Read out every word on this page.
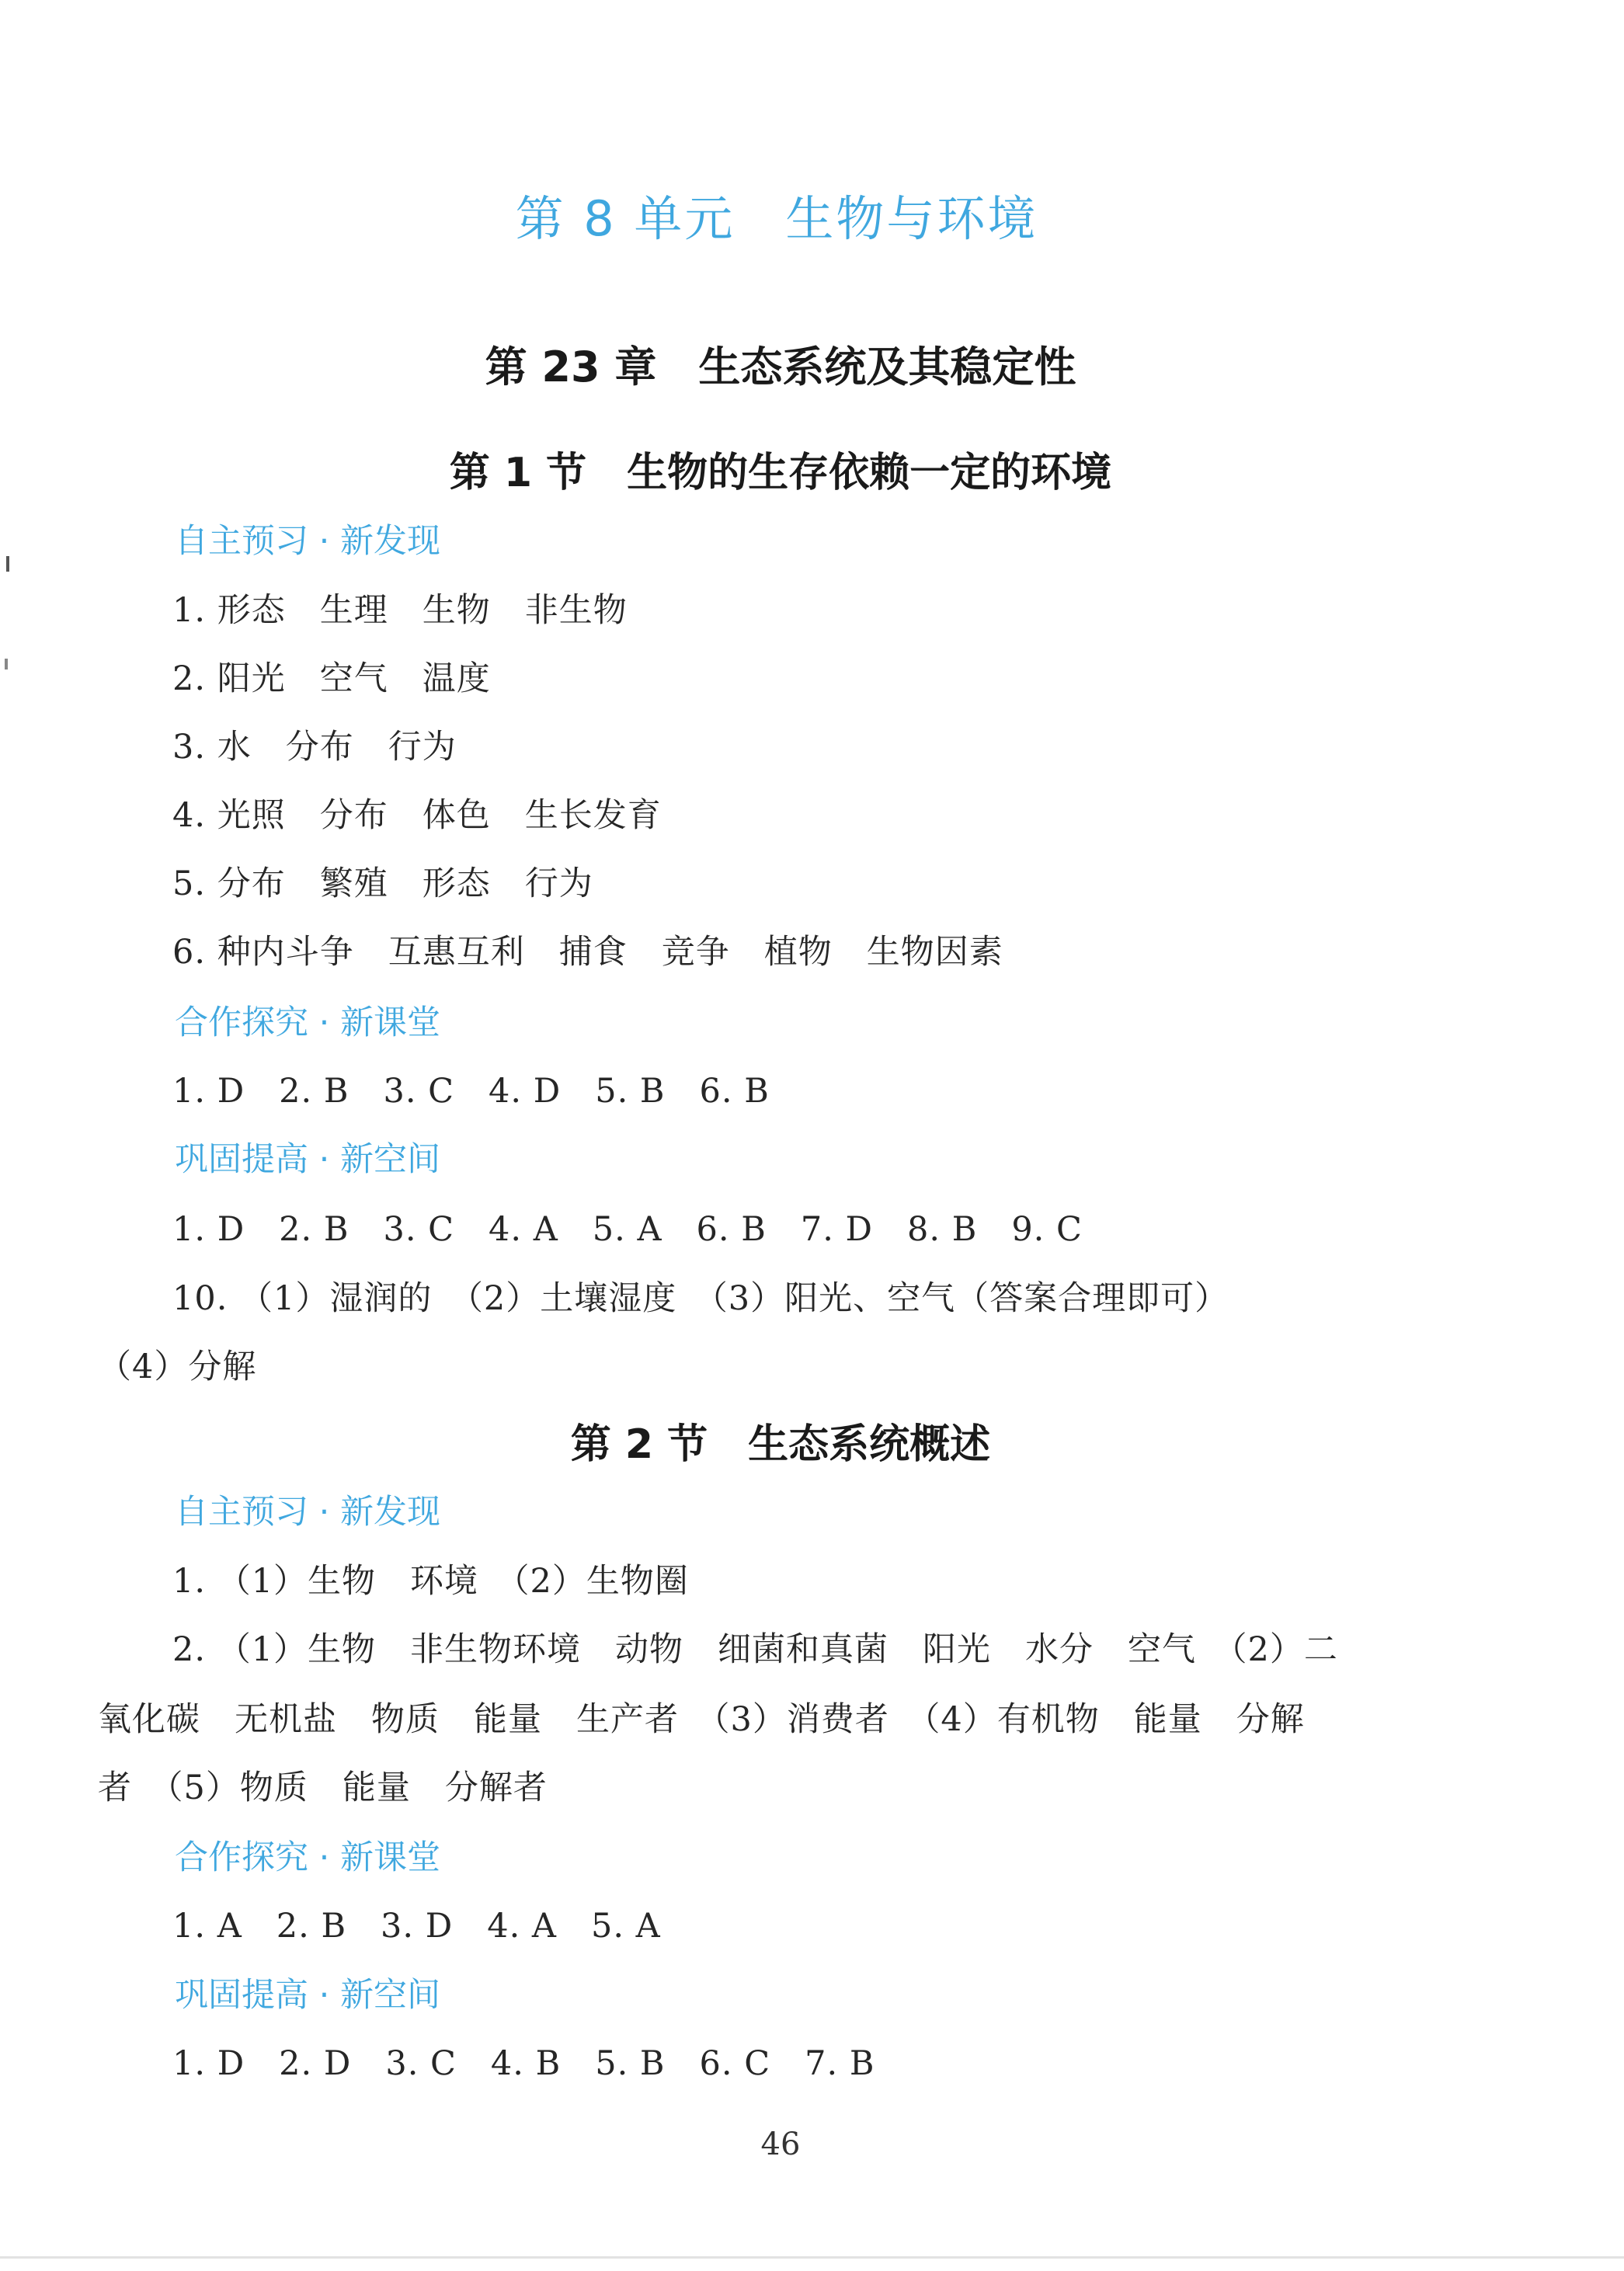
第 8 单元　生物与环境
第 23 章　生态系统及其稳定性
第 1 节　生物的生存依赖一定的环境
自主预习 · 新发现
1. 形态　生理　生物　非生物
2. 阳光　空气　温度
3. 水　分布　行为
4. 光照　分布　体色　生长发育
5. 分布　繁殖　形态　行为
6. 种内斗争　互惠互利　捕食　竞争　植物　生物因素
合作探究 · 新课堂
1. D　2. B　3. C　4. D　5. B　6. B
巩固提高 · 新空间
1. D　2. B　3. C　4. A　5. A　6. B　7. D　8. B　9. C
10. （1）湿润的　（2）土壤湿度　（3）阳光、空气（答案合理即可）
（4）分解
第 2 节　生态系统概述
自主预习 · 新发现
1. （1）生物　环境　（2）生物圈
2. （1）生物　非生物环境　动物　细菌和真菌　阳光　水分　空气　（2）二
氧化碳　无机盐　物质　能量　生产者　（3）消费者　（4）有机物　能量　分解
者　（5）物质　能量　分解者
合作探究 · 新课堂
1. A　2. B　3. D　4. A　5. A
巩固提高 · 新空间
1. D　2. D　3. C　4. B　5. B　6. C　7. B
46
